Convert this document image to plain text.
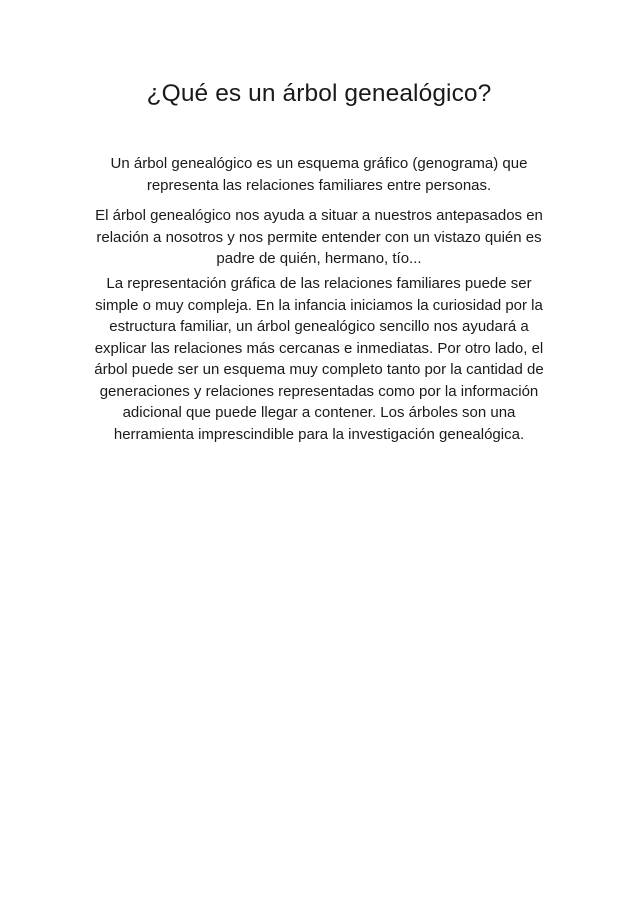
¿Qué es un árbol genealógico?

Un árbol genealógico es un esquema gráfico (genograma) que representa las relaciones familiares entre personas.

El árbol genealógico nos ayuda a situar a nuestros antepasados en relación a nosotros y nos permite entender con un vistazo quién es padre de quién, hermano, tío...

La representación gráfica de las relaciones familiares puede ser simple o muy compleja. En la infancia iniciamos la curiosidad por la estructura familiar, un árbol genealógico sencillo nos ayudará a explicar las relaciones más cercanas e inmediatas. Por otro lado, el árbol puede ser un esquema muy completo tanto por la cantidad de generaciones y relaciones representadas como por la información adicional que puede llegar a contener. Los árboles son una herramienta imprescindible para la investigación genealógica.
